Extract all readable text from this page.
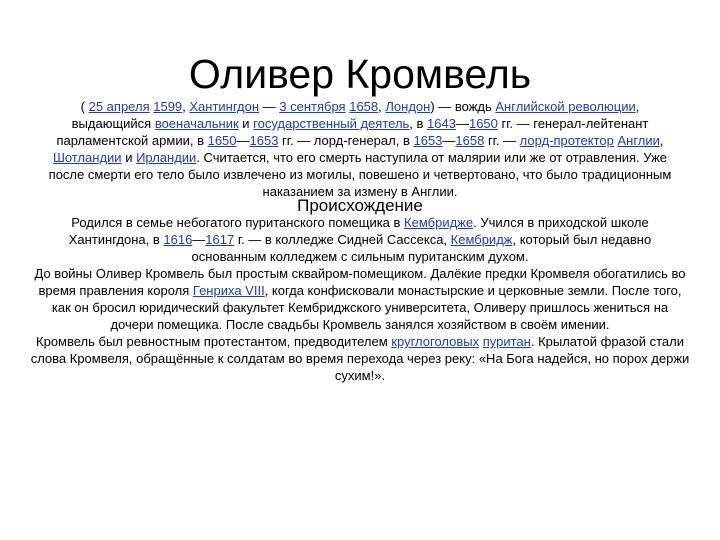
Оливер Кромвель

( 25 апреля 1599, Хантингдон — 3 сентября 1658, Лондон) — вождь Английской революции, выдающийся военачальник и государственный деятель, в 1643—1650 гг. — генерал-лейтенант парламентской армии, в 1650—1653 гг. — лорд-генерал, в 1653—1658 гг. — лорд-протектор Англии, Шотландии и Ирландии. Считается, что его смерть наступила от малярии или же от отравления. Уже после смерти его тело было извлечено из могилы, повешено и четвертовано, что было традиционным наказанием за измену в Англии.

Происхождение

Родился в семье небогатого пуританского помещика в Кембридже. Учился в приходской школе Хантингдона, в 1616—1617 г. — в колледже Сидней Сассекса, Кембридж, который был недавно основанным колледжем с сильным пуританским духом.

До войны Оливер Кромвель был простым сквайром-помещиком. Далёкие предки Кромвеля обогатились во время правления короля Генриха VIII, когда конфисковали монастырские и церковные земли. После того, как он бросил юридический факультет Кембриджского университета, Оливеру пришлось жениться на дочери помещика. После свадьбы Кромвель занялся хозяйством в своём имении.

Кромвель был ревностным протестантом, предводителем круглоголовых пуритан. Крылатой фразой стали слова Кромвеля, обращённые к солдатам во время перехода через реку: «На Бога надейся, но порох держи сухим!».
